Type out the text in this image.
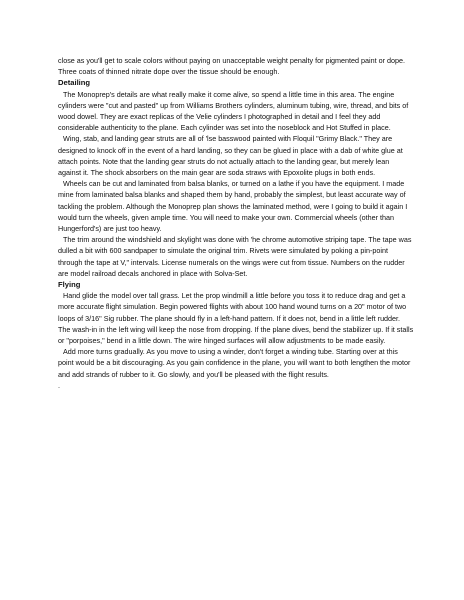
close as you'll get to scale colors without paying on unacceptable weight penalty for pigmented paint or dope. Three coats of thinned nitrate dope over the tissue should be enough.

Detailing

The Monoprep's details are what really make it come alive, so spend a little time in this area. The engine cylinders were "cut and pasted" up from Williams Brothers cylinders, aluminum tubing, wire, thread, and bits of wood dowel. They are exact replicas of the Velie cylinders I photographed in detail and I feel they add considerable authenticity to the plane. Each cylinder was set into the noseblock and Hot Stuffed in place.

Wing, stab, and landing gear struts are all of 'lse basswood painted with Floquil "Grimy Black." They are designed to knock off in the event of a hard landing, so they can be glued in place with a dab of white glue at attach points. Note that the landing gear struts do not actually attach to the landing gear, but merely lean against it. The shock absorbers on the main gear are soda straws with Epoxolite plugs in both ends.

Wheels can be cut and laminated from balsa blanks, or turned on a lathe if you have the equipment. I made mine from laminated balsa blanks and shaped them by hand, probably the simplest, but least accurate way of tackling the problem. Although the Monoprep plan shows the laminated method, were I going to build it again I would turn the wheels, given ample time. You will need to make your own. Commercial wheels (other than Hungerford's) are just too heavy.

The trim around the windshield and skylight was done with 'he chrome automotive striping tape. The tape was dulled a bit with 600 sandpaper to simulate the original trim. Rivets were simulated by poking a pin-point through the tape at V," intervals. License numerals on the wings were cut from tissue. Numbers on the rudder are model railroad decals anchored in place with Solva-Set.

Flying

Hand glide the model over tall grass. Let the prop windmill a little before you toss it to reduce drag and get a more accurate flight simulation. Begin powered flights with about 100 hand wound turns on a 20" motor of two loops of 3/16" Sig rubber. The plane should fly in a left-hand pattern. If it does not, bend in a little left rudder. The wash-in in the left wing will keep the nose from dropping. If the plane dives, bend the stabilizer up. If it stalls or "porpoises," bend in a little down. The wire hinged surfaces will allow adjustments to be made easily.

Add more turns gradually. As you move to using a winder, don't forget a winding tube. Starting over at this point would be a bit discouraging. As you gain confidence in the plane, you will want to both lengthen the motor and add strands of rubber to it. Go slowly, and you'll be pleased with the flight results.

.
